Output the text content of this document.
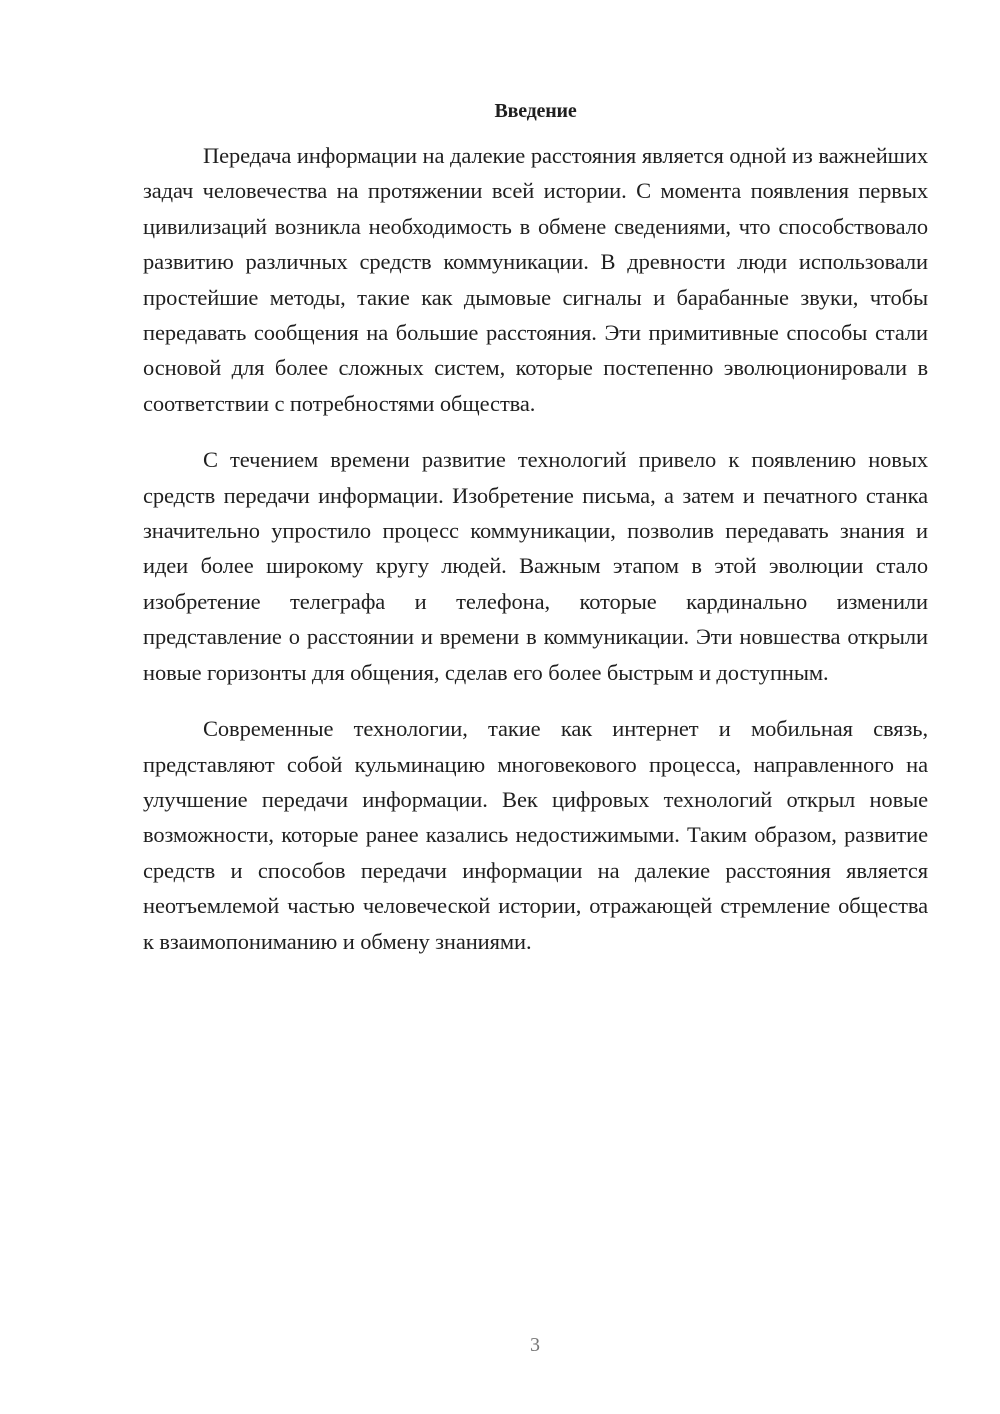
Введение

Передача информации на далекие расстояния является одной из важнейших задач человечества на протяжении всей истории. С момента появления первых цивилизаций возникла необходимость в обмене сведениями, что способствовало развитию различных средств коммуникации. В древности люди использовали простейшие методы, такие как дымовые сигналы и барабанные звуки, чтобы передавать сообщения на большие расстояния. Эти примитивные способы стали основой для более сложных систем, которые постепенно эволюционировали в соответствии с потребностями общества.

С течением времени развитие технологий привело к появлению новых средств передачи информации. Изобретение письма, а затем и печатного станка значительно упростило процесс коммуникации, позволив передавать знания и идеи более широкому кругу людей. Важным этапом в этой эволюции стало изобретение телеграфа и телефона, которые кардинально изменили представление о расстоянии и времени в коммуникации. Эти новшества открыли новые горизонты для общения, сделав его более быстрым и доступным.

Современные технологии, такие как интернет и мобильная связь, представляют собой кульминацию многовекового процесса, направленного на улучшение передачи информации. Век цифровых технологий открыл новые возможности, которые ранее казались недостижимыми. Таким образом, развитие средств и способов передачи информации на далекие расстояния является неотъемлемой частью человеческой истории, отражающей стремление общества к взаимопониманию и обмену знаниями.

3
